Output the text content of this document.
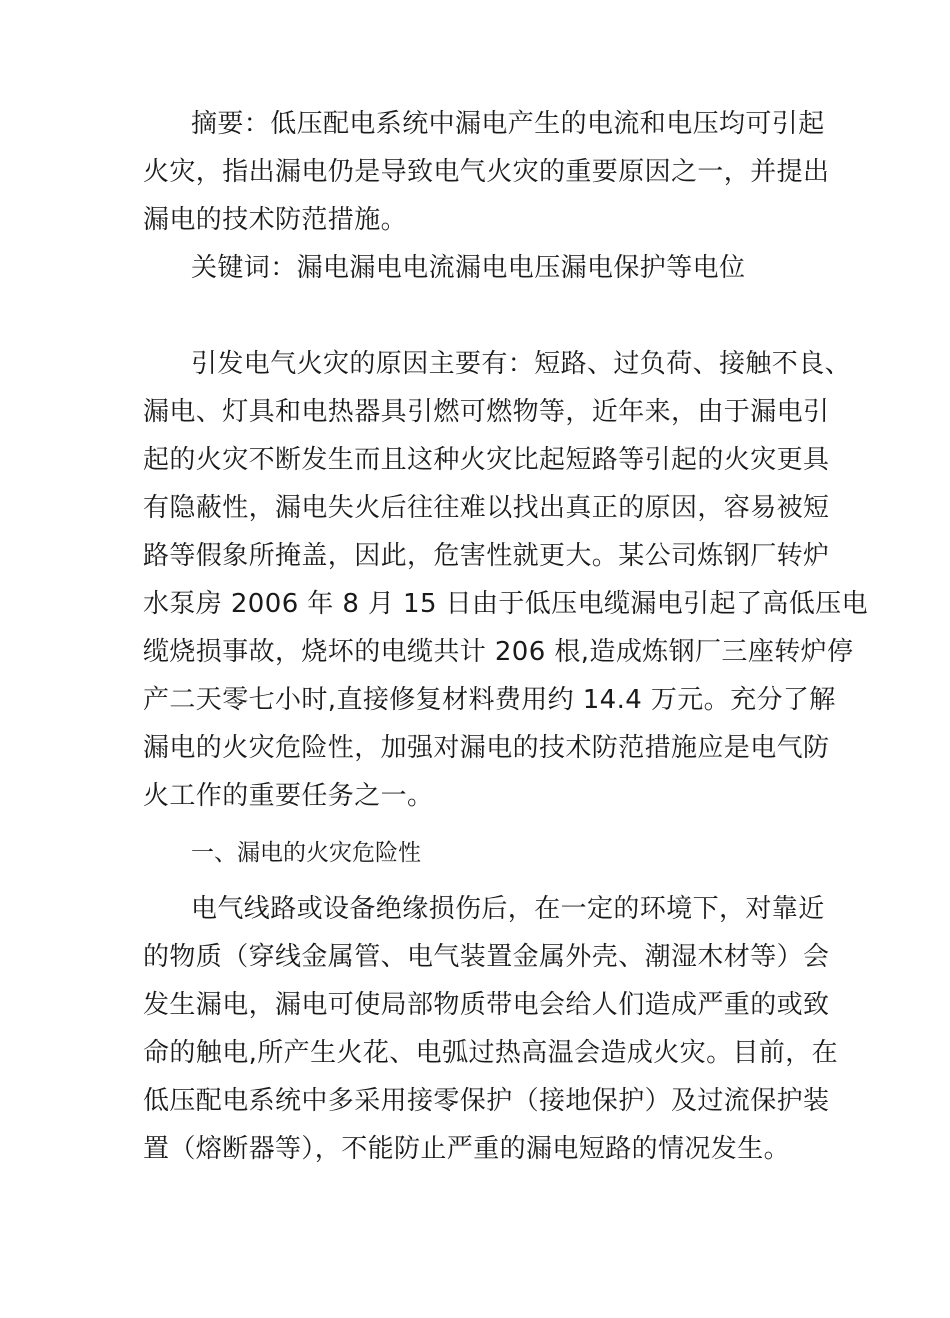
摘要：低压配电系统中漏电产生的电流和电压均可引起
火灾，指出漏电仍是导致电气火灾的重要原因之一，并提出
漏电的技术防范措施。
关键词：漏电漏电电流漏电电压漏电保护等电位
引发电气火灾的原因主要有：短路、过负荷、接触不良、
漏电、灯具和电热器具引燃可燃物等，近年来，由于漏电引
起的火灾不断发生而且这种火灾比起短路等引起的火灾更具
有隐蔽性，漏电失火后往往难以找出真正的原因，容易被短
路等假象所掩盖，因此，危害性就更大。某公司炼钢厂转炉
水泵房 2006 年 8 月 15 日由于低压电缆漏电引起了高低压电
缆烧损事故，烧坏的电缆共计 206 根,造成炼钢厂三座转炉停
产二天零七小时,直接修复材料费用约 14.4 万元。充分了解
漏电的火灾危险性，加强对漏电的技术防范措施应是电气防
火工作的重要任务之一。
一、漏电的火灾危险性
电气线路或设备绝缘损伤后，在一定的环境下，对靠近
的物质（穿线金属管、电气装置金属外壳、潮湿木材等）会
发生漏电，漏电可使局部物质带电会给人们造成严重的或致
命的触电,所产生火花、电弧过热高温会造成火灾。目前，在
低压配电系统中多采用接零保护（接地保护）及过流保护装
置（熔断器等），不能防止严重的漏电短路的情况发生。
